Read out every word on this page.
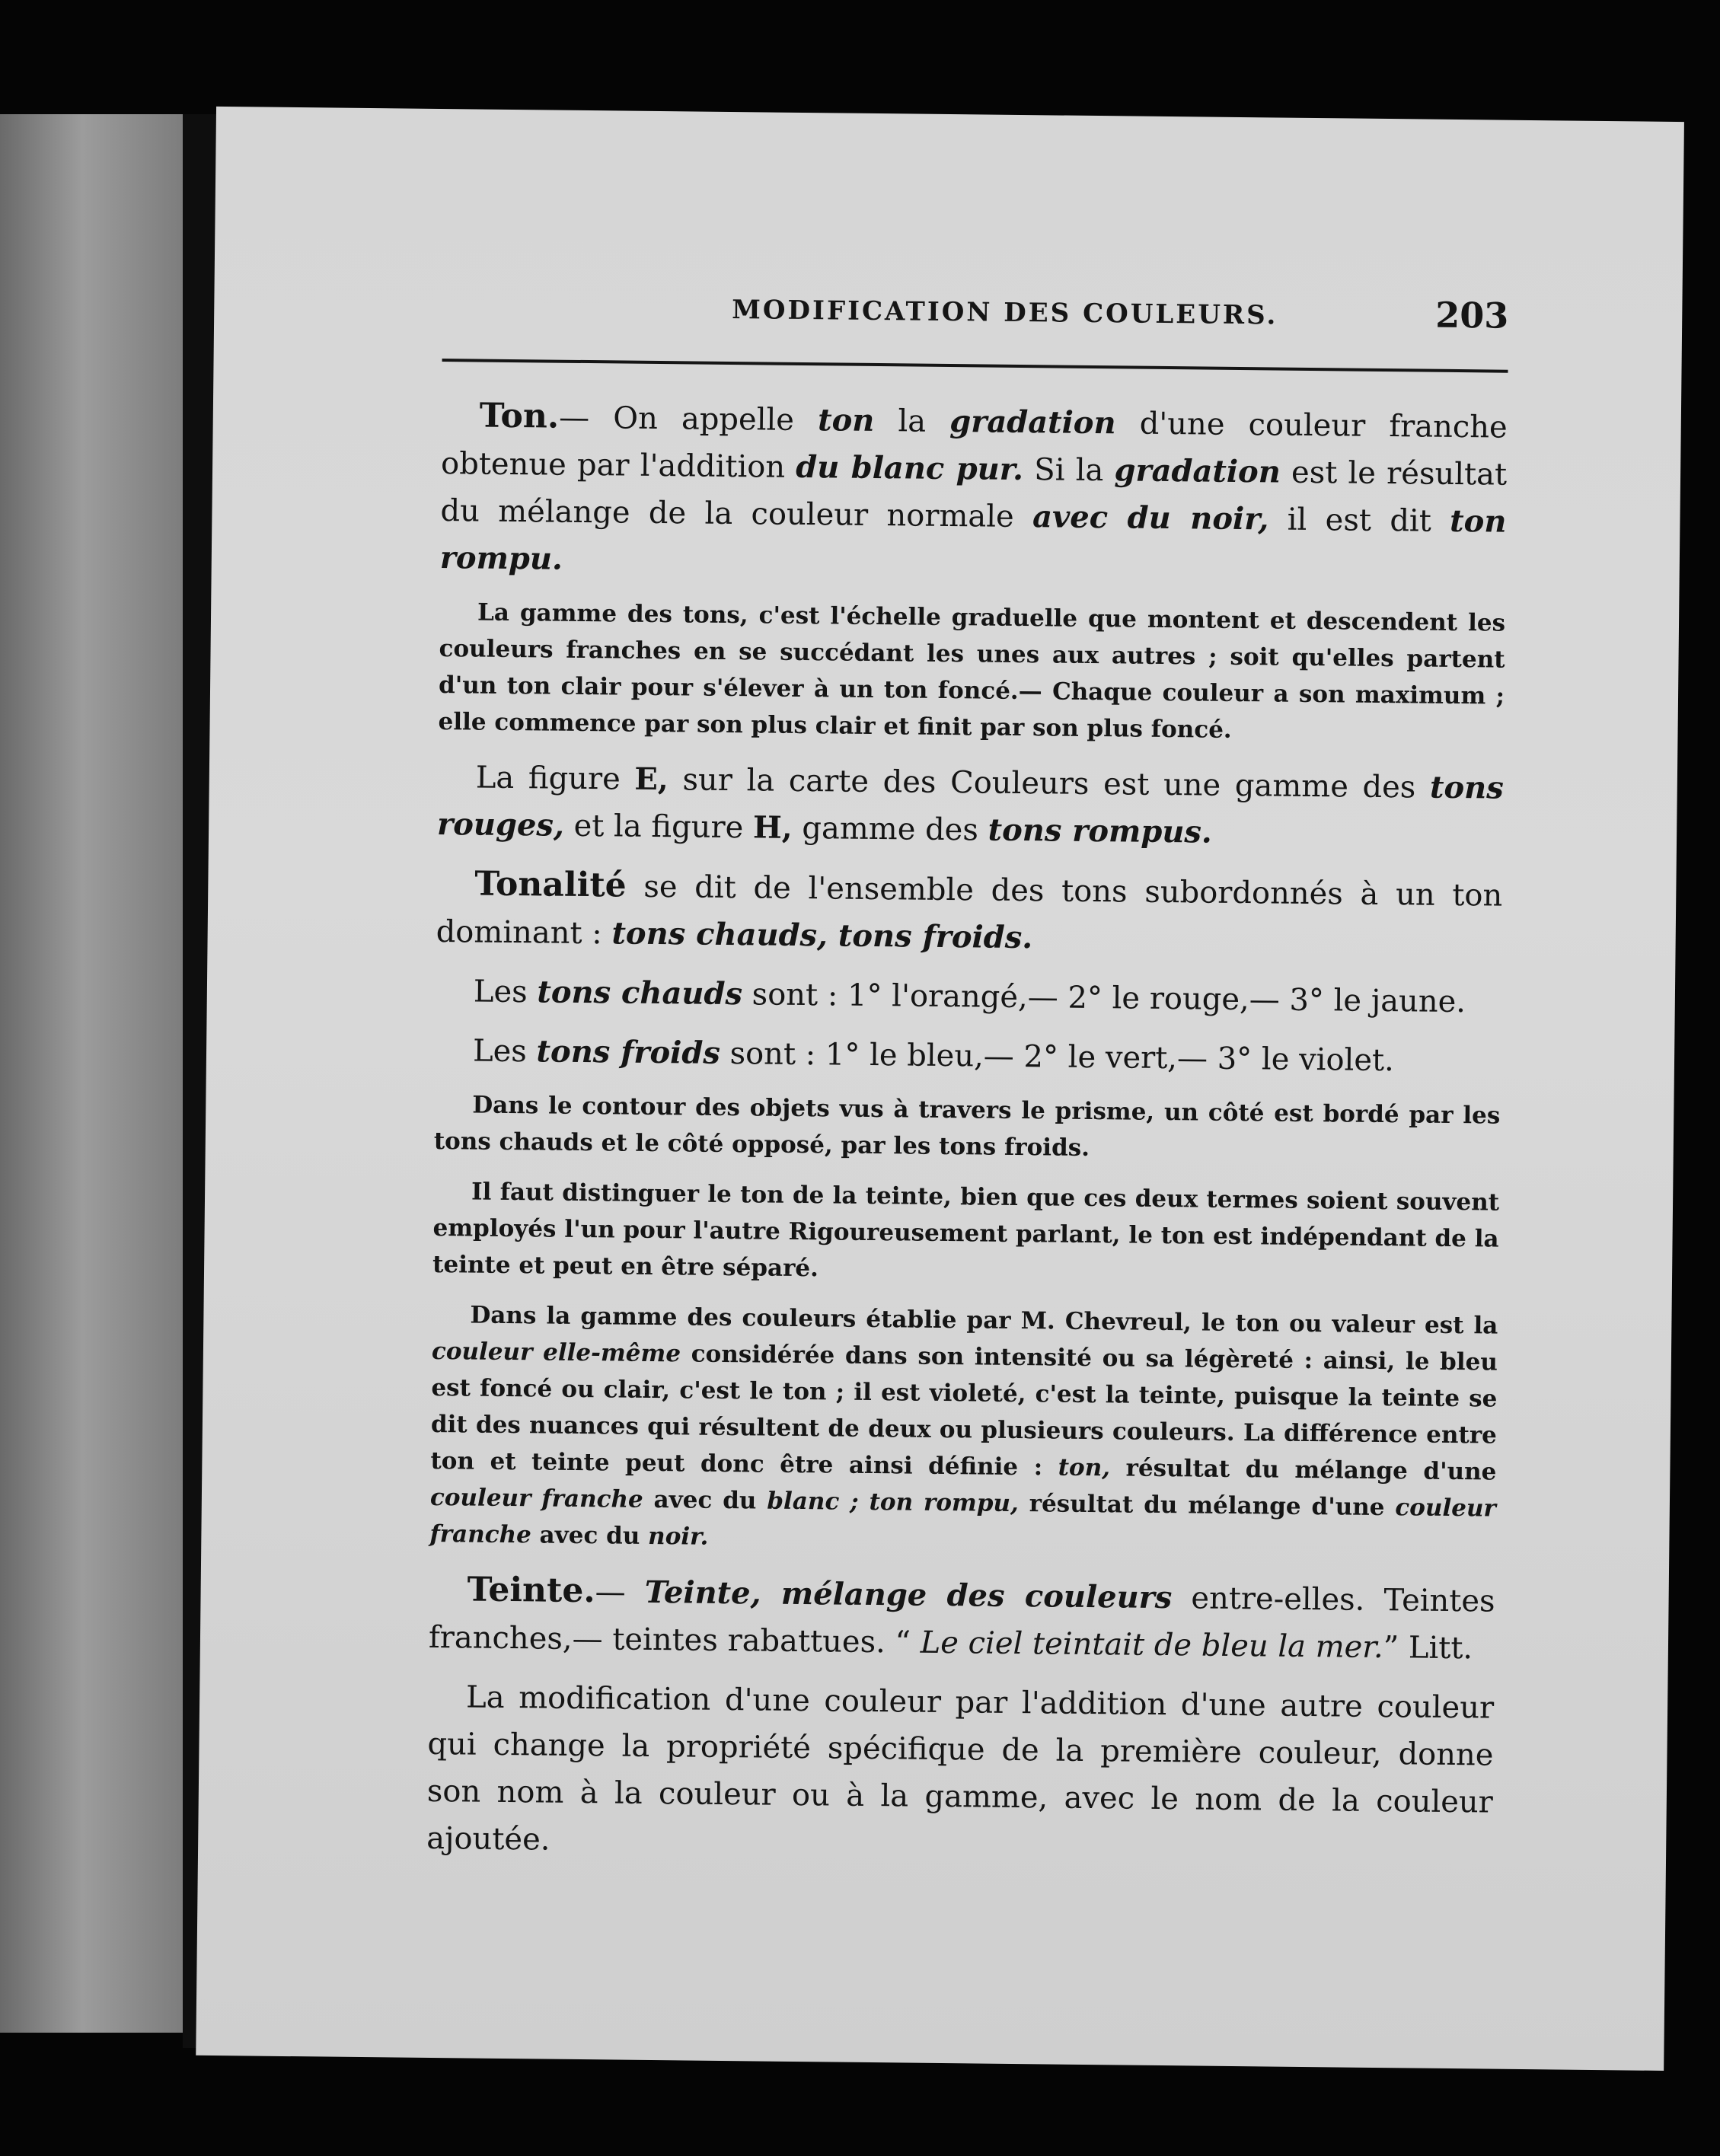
MODIFICATION DES COULEURS.	203

Ton.— On appelle ton la gradation d'une couleur franche obtenue par l'addition du blanc pur. Si la gradation est le résultat du mélange de la couleur normale avec du noir, il est dit ton rompu.

La gamme des tons, c'est l'échelle graduelle que montent et descendent les couleurs franches en se succédant les unes aux autres ; soit qu'elles partent d'un ton clair pour s'élever à un ton foncé.— Chaque couleur a son maximum ; elle commence par son plus clair et finit par son plus foncé.

La figure E, sur la carte des Couleurs est une gamme des tons rouges, et la figure H, gamme des tons rompus.

Tonalité se dit de l'ensemble des tons subordonnés à un ton dominant : tons chauds, tons froids.

Les tons chauds sont : 1° l'orangé,— 2° le rouge,— 3° le jaune.

Les tons froids sont : 1° le bleu,— 2° le vert,— 3° le violet.

Dans le contour des objets vus à travers le prisme, un côté est bordé par les tons chauds et le côté opposé, par les tons froids.

Il faut distinguer le ton de la teinte, bien que ces deux termes soient souvent employés l'un pour l'autre Rigoureusement parlant, le ton est indépendant de la teinte et peut en être séparé.

Dans la gamme des couleurs établie par M. Chevreul, le ton ou valeur est la couleur elle-même considérée dans son intensité ou sa légèreté : ainsi, le bleu est foncé ou clair, c'est le ton ; il est violeté, c'est la teinte, puisque la teinte se dit des nuances qui résultent de deux ou plusieurs couleurs. La différence entre ton et teinte peut donc être ainsi définie : ton, résultat du mélange d'une couleur franche avec du blanc ; ton rompu, résultat du mélange d'une couleur franche avec du noir.

Teinte.— Teinte, mélange des couleurs entre-elles. Teintes franches,— teintes rabattues. “ Le ciel teintait de bleu la mer.” Litt.

La modification d'une couleur par l'addition d'une autre couleur qui change la propriété spécifique de la première couleur, donne son nom à la couleur ou à la gamme, avec le nom de la couleur ajoutée.
